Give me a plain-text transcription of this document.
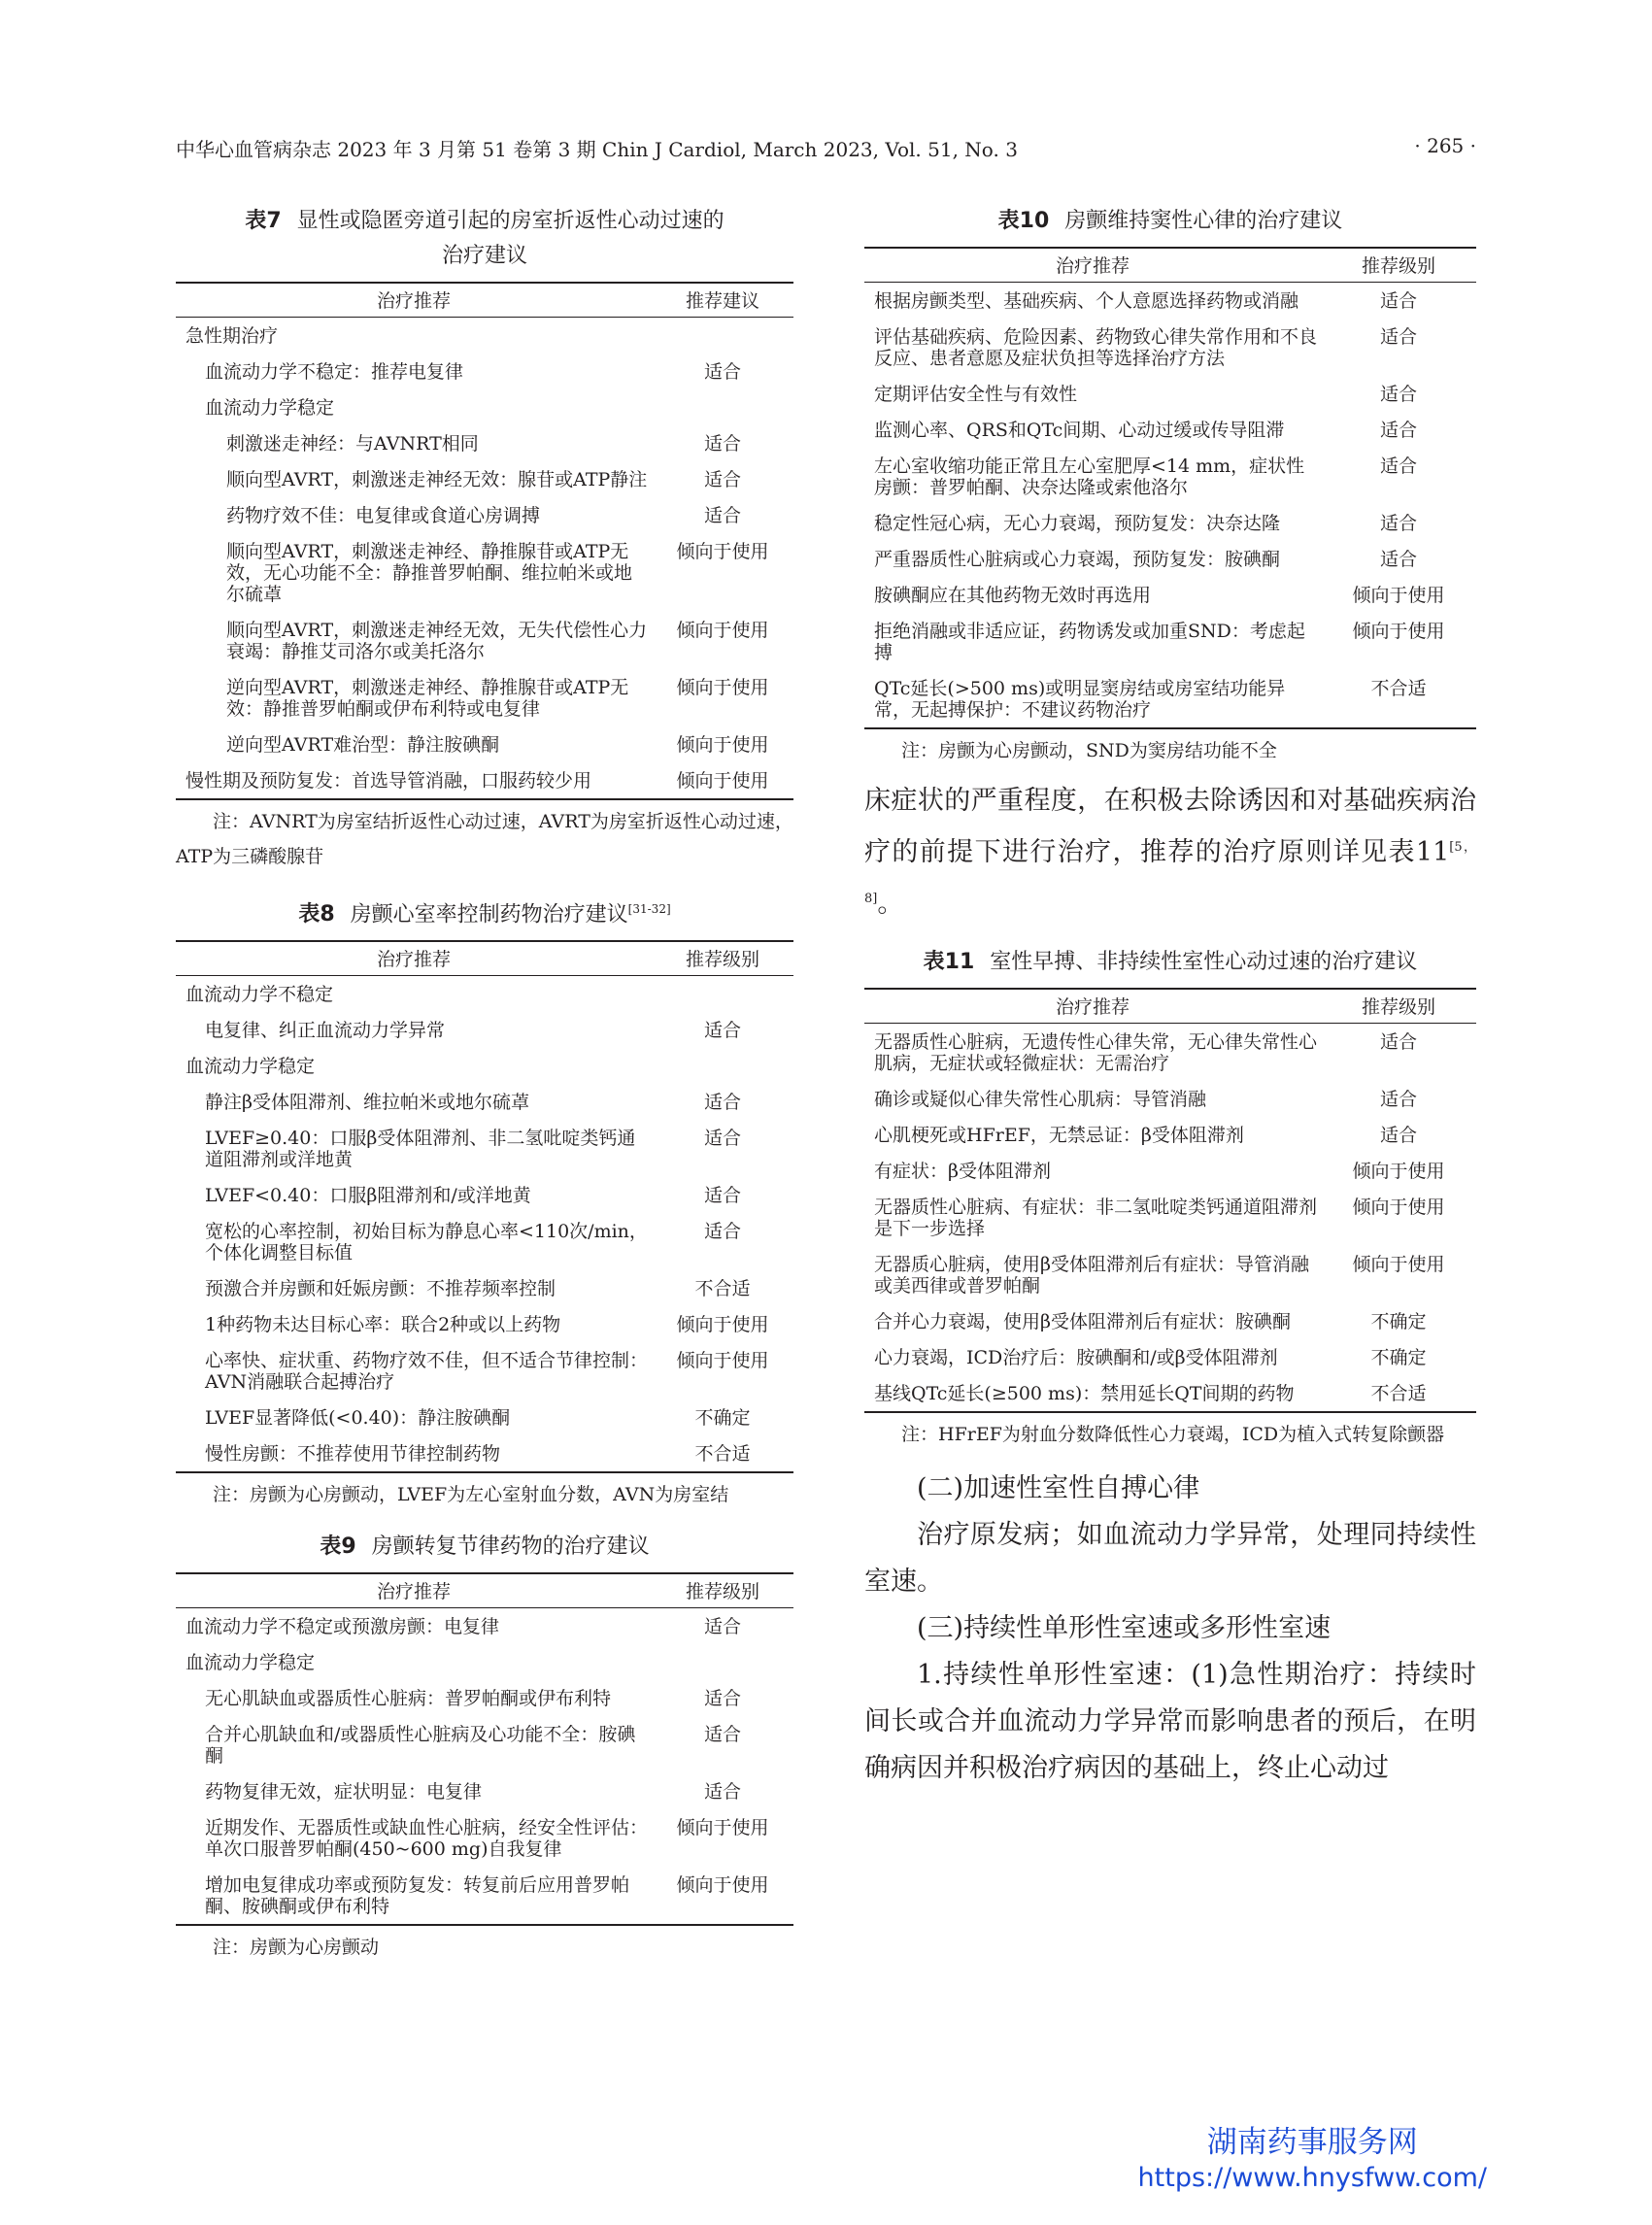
中华心血管病杂志 2023 年 3 月第 51 卷第 3 期 Chin J Cardiol, March 2023, Vol. 51, No. 3	· 265 ·
表7 显性或隐匿旁道引起的房室折返性心动过速的
治疗建议
治疗推荐	推荐建议
急性期治疗	
血流动力学不稳定：推荐电复律	适合
血流动力学稳定	
刺激迷走神经：与AVNRT相同	适合
顺向型AVRT，刺激迷走神经无效：腺苷或ATP静注	适合
药物疗效不佳：电复律或食道心房调搏	适合
顺向型AVRT，刺激迷走神经、静推腺苷或ATP无效，无心功能不全：静推普罗帕酮、维拉帕米或地尔硫䓬	倾向于使用
顺向型AVRT，刺激迷走神经无效，无失代偿性心力衰竭：静推艾司洛尔或美托洛尔	倾向于使用
逆向型AVRT，刺激迷走神经、静推腺苷或ATP无效：静推普罗帕酮或伊布利特或电复律	倾向于使用
逆向型AVRT难治型：静注胺碘酮	倾向于使用
慢性期及预防复发：首选导管消融，口服药较少用	倾向于使用

注：AVNRT为房室结折返性心动过速，AVRT为房室折返性心动过速，ATP为三磷酸腺苷

表8 房颤心室率控制药物治疗建议[31-32]
治疗推荐	推荐级别
血流动力学不稳定	
电复律、纠正血流动力学异常	适合
血流动力学稳定	
静注β受体阻滞剂、维拉帕米或地尔硫䓬	适合
LVEF≥0.40：口服β受体阻滞剂、非二氢吡啶类钙通道阻滞剂或洋地黄	适合
LVEF<0.40：口服β阻滞剂和/或洋地黄	适合
宽松的心率控制，初始目标为静息心率<110次/min，个体化调整目标值	适合
预激合并房颤和妊娠房颤：不推荐频率控制	不合适
1种药物未达目标心率：联合2种或以上药物	倾向于使用
心率快、症状重、药物疗效不佳，但不适合节律控制：AVN消融联合起搏治疗	倾向于使用
LVEF显著降低(<0.40)：静注胺碘酮	不确定
慢性房颤：不推荐使用节律控制药物	不合适

注：房颤为心房颤动，LVEF为左心室射血分数，AVN为房室结

表9 房颤转复节律药物的治疗建议
治疗推荐	推荐级别
血流动力学不稳定或预激房颤：电复律	适合
血流动力学稳定	
无心肌缺血或器质性心脏病：普罗帕酮或伊布利特	适合
合并心肌缺血和/或器质性心脏病及心功能不全：胺碘酮	适合
药物复律无效，症状明显：电复律	适合
近期发作、无器质性或缺血性心脏病，经安全性评估：单次口服普罗帕酮(450~600 mg)自我复律	倾向于使用
增加电复律成功率或预防复发：转复前后应用普罗帕酮、胺碘酮或伊布利特	倾向于使用

注：房颤为心房颤动

表10 房颤维持窦性心律的治疗建议
治疗推荐	推荐级别
根据房颤类型、基础疾病、个人意愿选择药物或消融	适合
评估基础疾病、危险因素、药物致心律失常作用和不良反应、患者意愿及症状负担等选择治疗方法	适合
定期评估安全性与有效性	适合
监测心率、QRS和QTc间期、心动过缓或传导阻滞	适合
左心室收缩功能正常且左心室肥厚<14 mm，症状性房颤：普罗帕酮、决奈达隆或索他洛尔	适合
稳定性冠心病，无心力衰竭，预防复发：决奈达隆	适合
严重器质性心脏病或心力衰竭，预防复发：胺碘酮	适合
胺碘酮应在其他药物无效时再选用	倾向于使用
拒绝消融或非适应证，药物诱发或加重SND：考虑起搏	倾向于使用
QTc延长(>500 ms)或明显窦房结或房室结功能异常，无起搏保护：不建议药物治疗	不合适

注：房颤为心房颤动，SND为窦房结功能不全

床症状的严重程度，在积极去除诱因和对基础疾病治疗的前提下进行治疗，推荐的治疗原则详见表11[5，8]。

表11 室性早搏、非持续性室性心动过速的治疗建议
治疗推荐	推荐级别
无器质性心脏病，无遗传性心律失常，无心律失常性心肌病，无症状或轻微症状：无需治疗	适合
确诊或疑似心律失常性心肌病：导管消融	适合
心肌梗死或HFrEF，无禁忌证：β受体阻滞剂	适合
有症状：β受体阻滞剂	倾向于使用
无器质性心脏病、有症状：非二氢吡啶类钙通道阻滞剂是下一步选择	倾向于使用
无器质心脏病，使用β受体阻滞剂后有症状：导管消融或美西律或普罗帕酮	倾向于使用
合并心力衰竭，使用β受体阻滞剂后有症状：胺碘酮	不确定
心力衰竭，ICD治疗后：胺碘酮和/或β受体阻滞剂	不确定
基线QTc延长(≥500 ms)：禁用延长QT间期的药物	不合适

注：HFrEF为射血分数降低性心力衰竭，ICD为植入式转复除颤器

(二)加速性室性自搏心律

治疗原发病；如血流动力学异常，处理同持续性室速。

(三)持续性单形性室速或多形性室速

1.持续性单形性室速：(1)急性期治疗：持续时间长或合并血流动力学异常而影响患者的预后，在明确病因并积极治疗病因的基础上，终止心动过

湖南药事服务网
https://www.hnysfww.com/
